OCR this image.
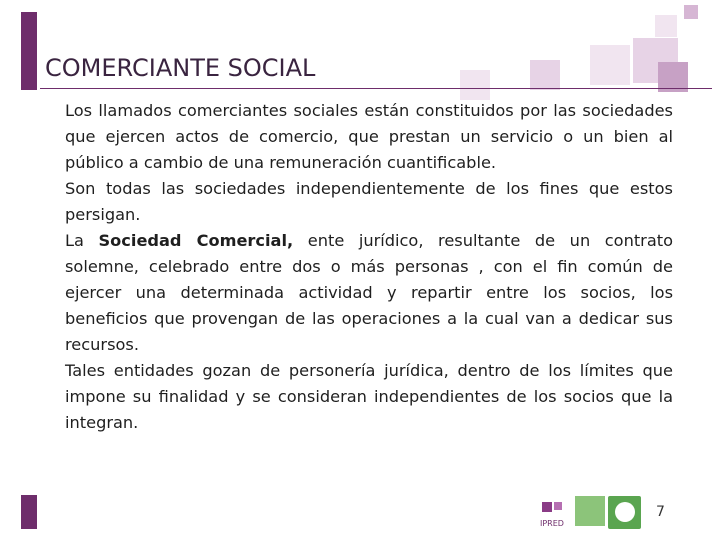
COMERCIANTE SOCIAL

Los llamados comerciantes sociales están constituidos por las sociedades que ejercen actos de comercio, que prestan un servicio o un bien al público a cambio de una remuneración cuantificable.

Son todas las sociedades independientemente de los fines que estos persigan.

La Sociedad Comercial, ente jurídico, resultante de un contrato solemne, celebrado entre dos o más personas , con el fin común de ejercer una determinada actividad y repartir entre los socios, los beneficios que provengan de las operaciones a la cual van a dedicar sus recursos.

Tales entidades gozan de personería jurídica, dentro de los límites que impone su finalidad y se consideran independientes de los socios que la integran.

IPRED
7
